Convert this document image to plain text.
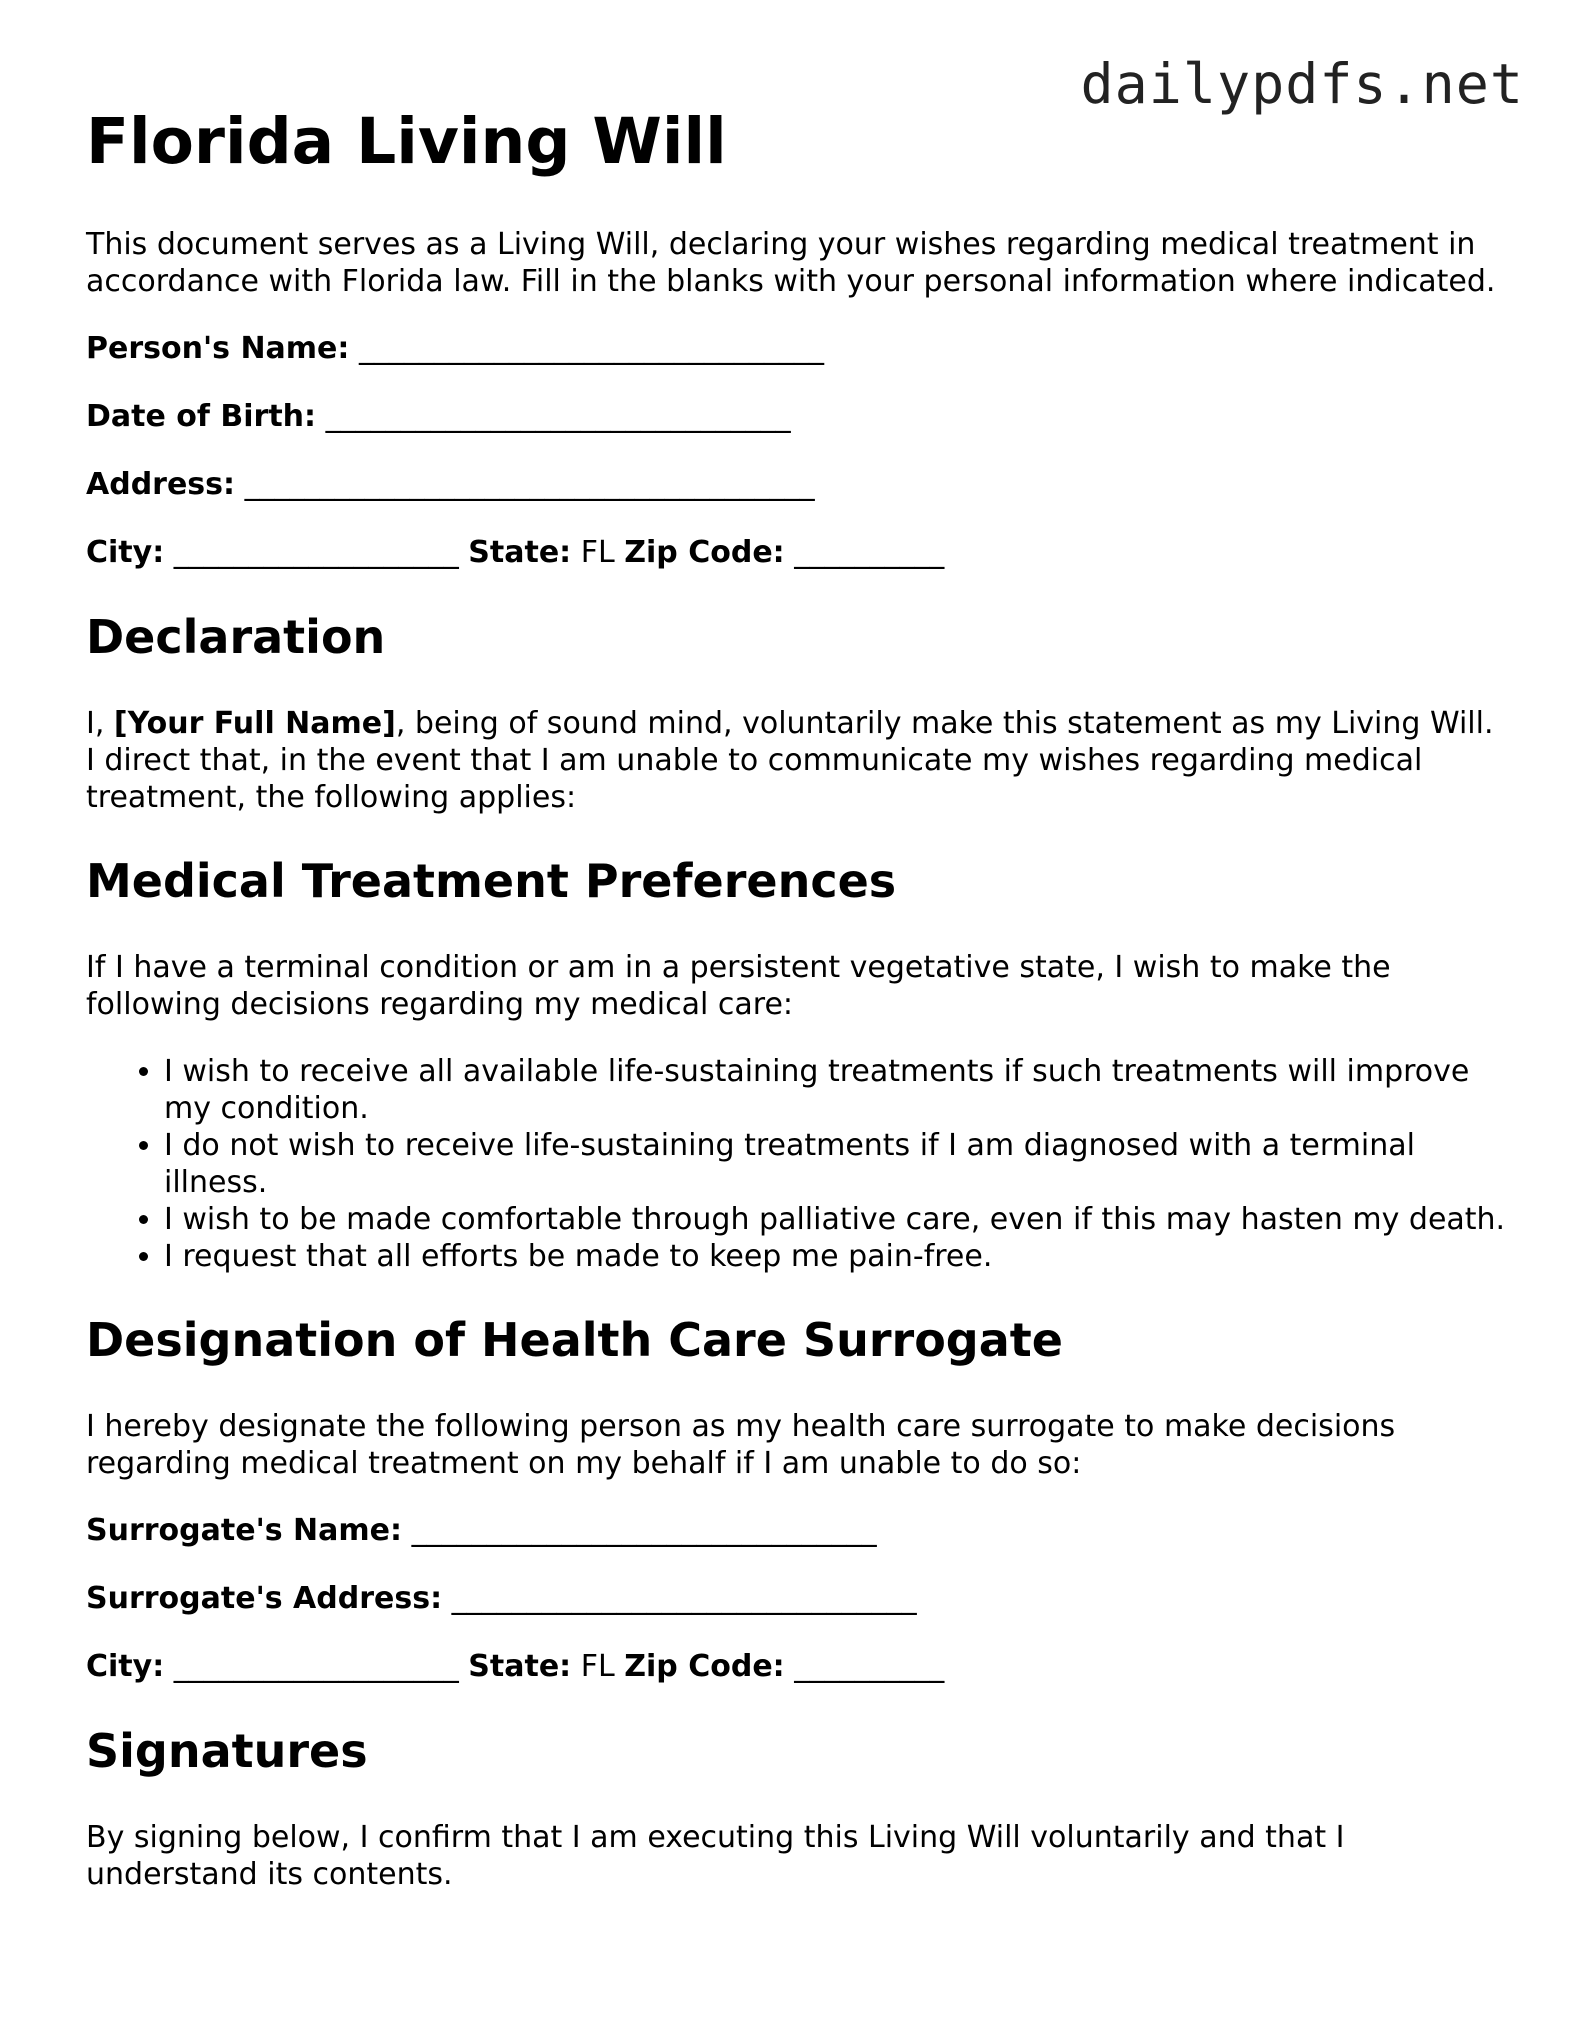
dailypdfs.net
Florida Living Will

This document serves as a Living Will, declaring your wishes regarding medical treatment in accordance with Florida law. Fill in the blanks with your personal information where indicated.

Person's Name: _______________________________
Date of Birth: _______________________________
Address: ______________________________________
City: ___________________ State: FL Zip Code: __________
Declaration

I, [Your Full Name], being of sound mind, voluntarily make this statement as my Living Will. I direct that, in the event that I am unable to communicate my wishes regarding medical treatment, the following applies:

Medical Treatment Preferences

If I have a terminal condition or am in a persistent vegetative state, I wish to make the following decisions regarding my medical care:

• I wish to receive all available life-sustaining treatments if such treatments will improve my condition.
• I do not wish to receive life-sustaining treatments if I am diagnosed with a terminal illness.
• I wish to be made comfortable through palliative care, even if this may hasten my death.
• I request that all efforts be made to keep me pain-free.
Designation of Health Care Surrogate

I hereby designate the following person as my health care surrogate to make decisions regarding medical treatment on my behalf if I am unable to do so:

Surrogate's Name: _______________________________
Surrogate's Address: _______________________________
City: ___________________ State: FL Zip Code: __________
Signatures

By signing below, I confirm that I am executing this Living Will voluntarily and that I understand its contents.
